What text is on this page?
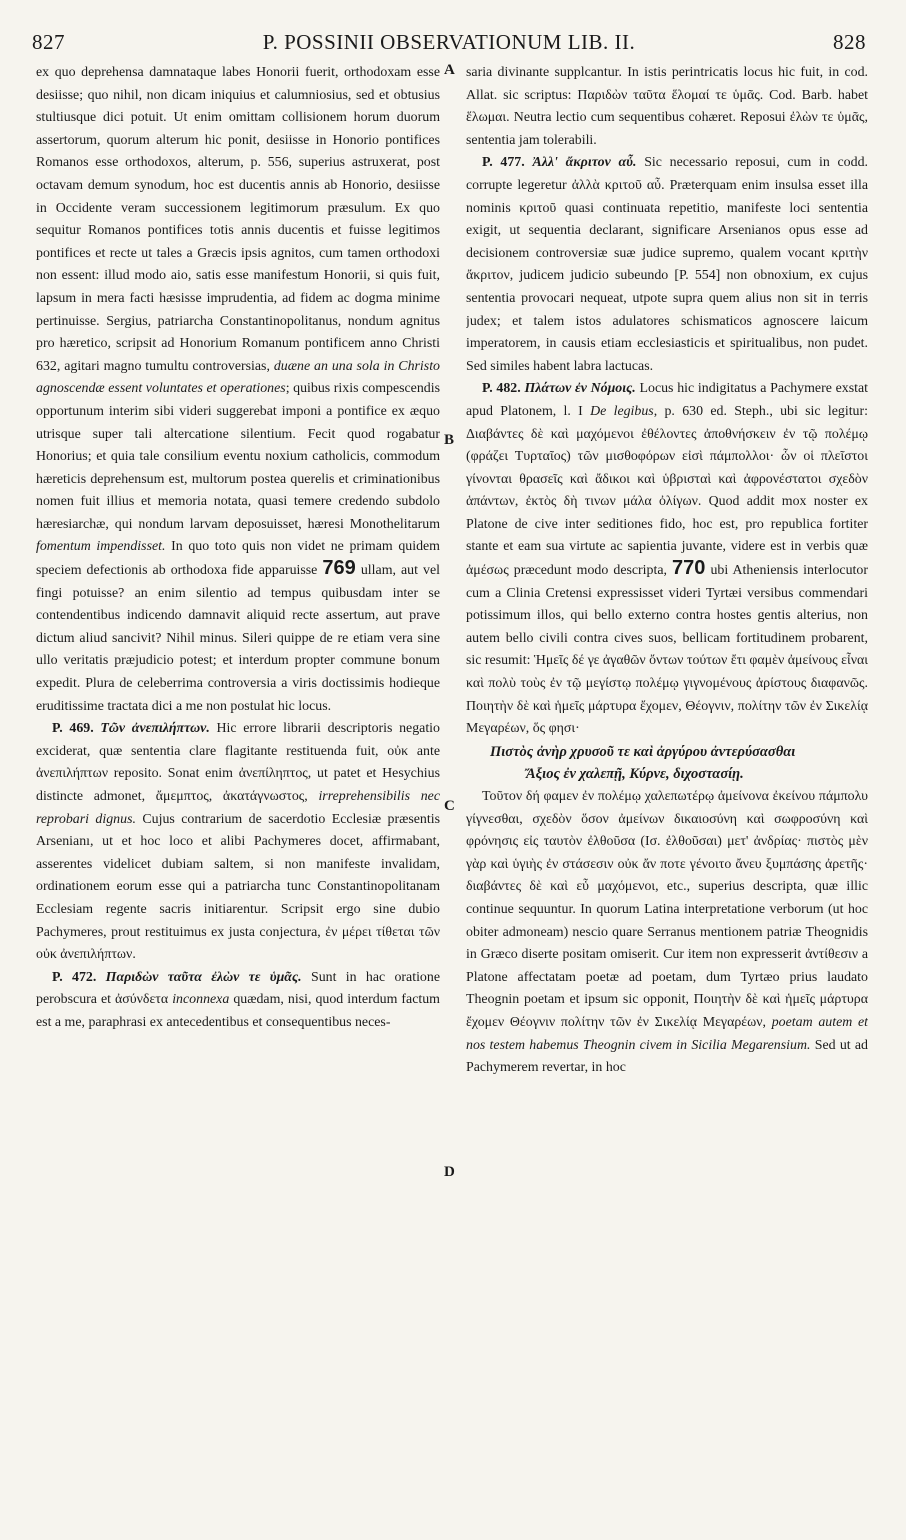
827	P. POSSINII OBSERVATIONUM LIB. II.	828
A
B
C
D

ex quo deprehensa damnataque labes Honorii fuerit, orthodoxam esse desiisse; quo nihil, non dicam iniquius et calumniosius, sed et obtusius stultiusque dici potuit. Ut enim omittam collisionem horum duorum assertorum, quorum alterum hic ponit, desiisse in Honorio pontifices Romanos esse orthodoxos, alterum, p. 556, superius astruxerat, post octavam demum synodum, hoc est ducentis annis ab Honorio, desiisse in Occidente veram successionem legitimorum præsulum. Ex quo sequitur Romanos pontifices totis annis ducentis et fuisse legitimos pontifices et recte ut tales a Græcis ipsis agnitos, cum tamen orthodoxi non essent: illud modo aio, satis esse manifestum Honorii, si quis fuit, lapsum in mera facti hæsisse imprudentia, ad fidem ac dogma minime pertinuisse. Sergius, patriarcha Constantinopolitanus, nondum agnitus pro hæretico, scripsit ad Honorium Romanum pontificem anno Christi 632, agitari magno tumultu controversias, duæne an una sola in Christo agnoscendæ essent voluntates et operationes; quibus rixis compescendis opportunum interim sibi videri suggerebat imponi a pontifice ex æquo utrisque super tali altercatione silentium. Fecit quod rogabatur Honorius; et quia tale consilium eventu noxium catholicis, commodum hæreticis deprehensum est, multorum postea querelis et criminationibus nomen fuit illius et memoria notata, quasi temere credendo subdolo hæresiarchæ, qui nondum larvam deposuisset, hæresi Monothelitarum fomentum impendisset. In quo toto quis non videt ne primam quidem speciem defectionis ab orthodoxa fide apparuisse 769 ullam, aut vel fingi potuisse? an enim silentio ad tempus quibusdam inter se contendentibus indicendo damnavit aliquid recte assertum, aut prave dictum aliud sancivit? Nihil minus. Sileri quippe de re etiam vera sine ullo veritatis præjudicio potest; et interdum propter commune bonum expedit. Plura de celeberrima controversia a viris doctissimis hodieque eruditissime tractata dici a me non postulat hic locus.

P. 469. Τῶν ἀνεπιλήπτων. Hic errore librarii descriptoris negatio exciderat, quæ sententia clare flagitante restituenda fuit, οὐκ ante ἀνεπιλήπτων reposito. Sonat enim ἀνεπίληπτος, ut patet et Hesychius distincte admonet, ἄμεμπτος, ἀκατάγνωστος, irreprehensibilis nec reprobari dignus. Cujus contrarium de sacerdotio Ecclesiæ præsentis Arsenianı, ut et hoc loco et alibi Pachymeres docet, affirmabant, asserentes videlicet dubiam saltem, si non manifeste invalidam, ordinationem eorum esse qui a patriarcha tunc Constantinopolitanam Ecclesiam regente sacris initiarentur. Scripsit ergo sine dubio Pachymeres, prout restituimus ex justa conjectura, ἐν μέρει τίθεται τῶν οὐκ ἀνεπιλήπτων.

P. 472. Παριδὼν ταῦτα ἐλὼν τε ὑμᾶς. Sunt in hac oratione perobscura et ἀσύνδετα inconnexa quædam, nisi, quod interdum factum est a me, paraphrasi ex antecedentibus et consequentibus neces-

saria divinante supplcantur. In istis perintricatis locus hic fuit, in cod. Allat. sic scriptus: Παριδὼν ταῦτα ἕλομαί τε ὑμᾶς. Cod. Barb. habet ἕλωμαι. Neutra lectio cum sequentibus cohæret. Reposui ἐλὼν τε ὑμᾶς, sententia jam tolerabili.

P. 477. Ἀλλ' ἄκριτον αὖ. Sic necessario reposui, cum in codd. corrupte legeretur ἀλλὰ κριτοῦ αὖ. Præterquam enim insulsa esset illa nominis κριτοῦ quasi continuata repetitio, manifeste loci sententia exigit, ut sequentia declarant, significare Arsenianos opus esse ad decisionem controversiæ suæ judice supremo, qualem vocant κριτὴν ἄκριτον, judicem judicio subeundo [P. 554] non obnoxium, ex cujus sententia provocari nequeat, utpote supra quem alius non sit in terris judex; et talem istos adulatores schismaticos agnoscere laicum imperatorem, in causis etiam ecclesiasticis et spiritualibus, non pudet. Sed similes habent labra lactucas.

P. 482. Πλάτων ἐν Νόμοις. Locus hic indigitatus a Pachymere exstat apud Platonem, l. I De legibus, p. 630 ed. Steph., ubi sic legitur: Διαβάντες δὲ καὶ μαχόμενοι ἐθέλοντες ἀποθνήσκειν ἐν τῷ πολέμῳ (φράζει Τυρταῖος) τῶν μισθοφόρων εἰσὶ πάμπολλοι· ὧν οἱ πλεῖστοι γίνονται θρασεῖς καὶ ἄδικοι καὶ ὑβρισταὶ καὶ ἀφρονέστατοι σχεδὸν ἁπάντων, ἐκτὸς δὴ τινων μάλα ὀλίγων. Quod addit mox noster ex Platone de cive inter seditiones fido, hoc est, pro republica fortiter stante et eam sua virtute ac sapientia juvante, videre est in verbis quæ ἀμέσως præcedunt modo descripta, 770 ubi Atheniensis interlocutor cum a Clinia Cretensi expressisset videri Tyrtæi versibus commendari potissimum illos, qui bello externo contra hostes gentis alterius, non autem bello civili contra cives suos, bellicam fortitudinem probarent, sic resumit: Ἡμεῖς δέ γε ἀγαθῶν ὄντων τούτων ἔτι φαμὲν ἀμείνους εἶναι καὶ πολὺ τοὺς ἐν τῷ μεγίστῳ πολέμῳ γιγνομένους ἀρίστους διαφανῶς. Ποιητὴν δὲ καὶ ἡμεῖς μάρτυρα ἔχομεν, Θέογνιν, πολίτην τῶν ἐν Σικελίᾳ Μεγαρέων, ὅς φησι·

Πιστὸς ἀνὴρ χρυσοῦ τε καὶ ἀργύρου ἀντερύσασθαι

Ἄξιος ἐν χαλεπῇ, Κύρνε, διχοστασίῃ.

Τοῦτον δή φαμεν ἐν πολέμῳ χαλεπωτέρῳ ἀμείνονα ἐκείνου πάμπολυ γίγνεσθαι, σχεδὸν ὅσον ἀμείνων δικαιοσύνη καὶ σωφροσύνη καὶ φρόνησις εἰς ταυτὸν ἐλθοῦσα (Ισ. ἐλθοῦσαι) μετ' ἀνδρίας· πιστὸς μὲν γὰρ καὶ ὑγιὴς ἐν στάσεσιν οὐκ ἄν ποτε γένοιτο ἄνευ ξυμπάσης ἀρετῆς· διαβάντες δὲ καὶ εὖ μαχόμενοι, etc., superius descripta, quæ illic continue sequuntur. In quorum Latina interpretatione verborum (ut hoc obiter admoneam) nescio quare Serranus mentionem patriæ Theognidis in Græco diserte positam omiserit. Cur item non expresserit ἀντίθεσιν a Platone affectatam poetæ ad poetam, dum Tyrtæo prius laudato Theognin poetam et ipsum sic opponit, Ποιητὴν δὲ καὶ ἡμεῖς μάρτυρα ἔχομεν Θέογνιν πολίτην τῶν ἐν Σικελίᾳ Μεγαρέων, poetam autem et nos testem habemus Theognin civem in Sicilia Megarensium. Sed ut ad Pachymerem revertar, in hoc
